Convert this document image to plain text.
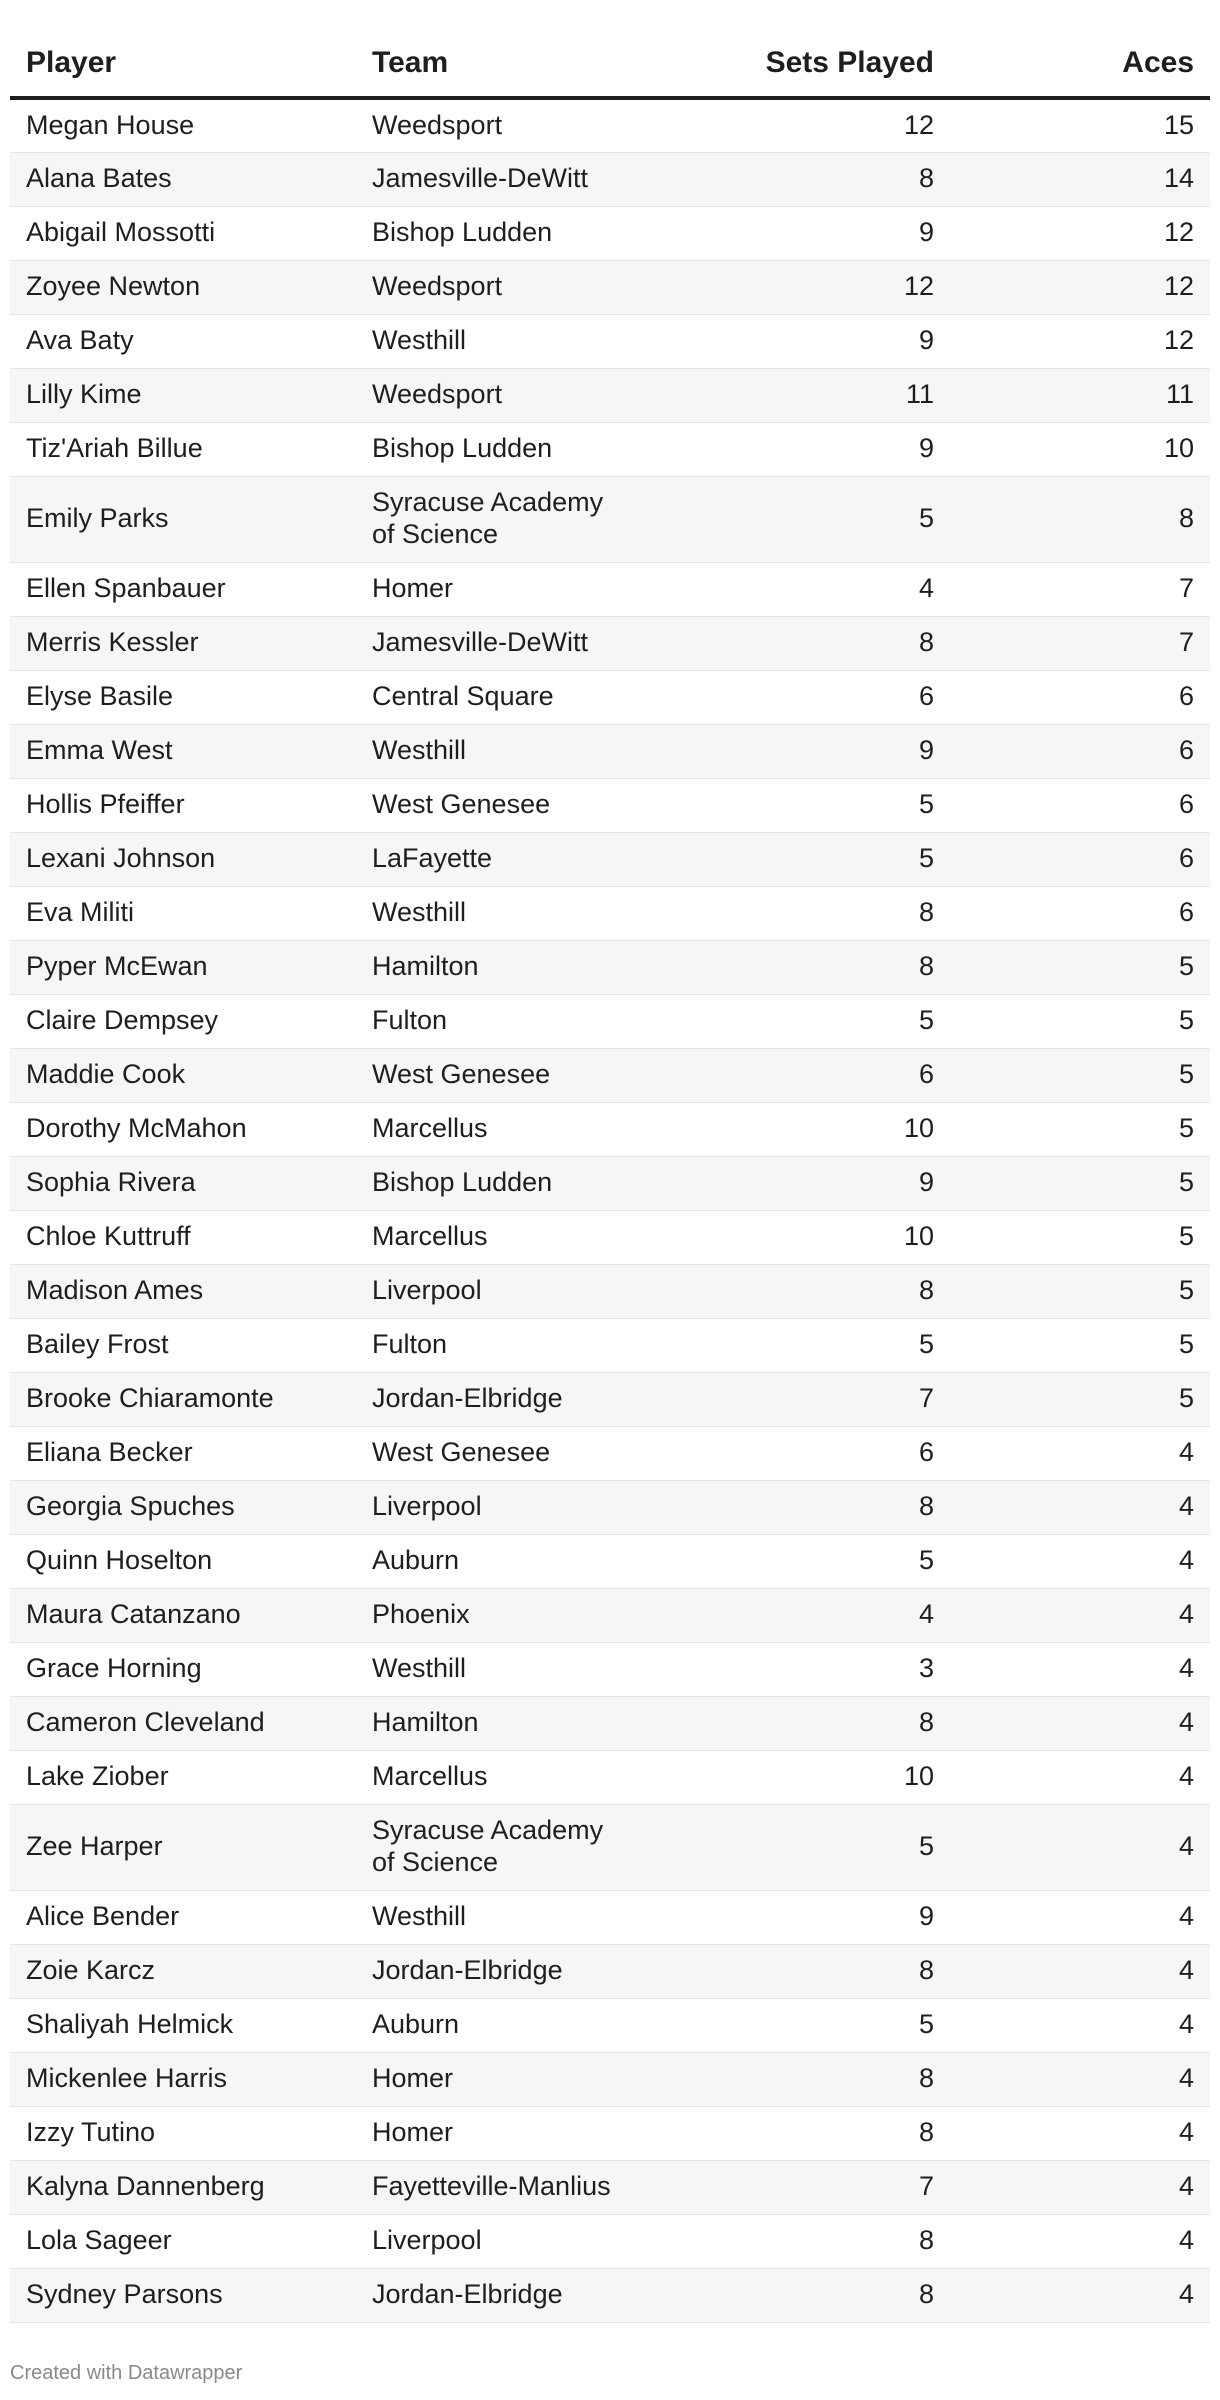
Player	Team	Sets Played	Aces
Megan House	Weedsport	12	15
Alana Bates	Jamesville-DeWitt	8	14
Abigail Mossotti	Bishop Ludden	9	12
Zoyee Newton	Weedsport	12	12
Ava Baty	Westhill	9	12
Lilly Kime	Weedsport	11	11
Tiz'Ariah Billue	Bishop Ludden	9	10
Emily Parks	Syracuse Academy of Science	5	8
Ellen Spanbauer	Homer	4	7
Merris Kessler	Jamesville-DeWitt	8	7
Elyse Basile	Central Square	6	6
Emma West	Westhill	9	6
Hollis Pfeiffer	West Genesee	5	6
Lexani Johnson	LaFayette	5	6
Eva Militi	Westhill	8	6
Pyper McEwan	Hamilton	8	5
Claire Dempsey	Fulton	5	5
Maddie Cook	West Genesee	6	5
Dorothy McMahon	Marcellus	10	5
Sophia Rivera	Bishop Ludden	9	5
Chloe Kuttruff	Marcellus	10	5
Madison Ames	Liverpool	8	5
Bailey Frost	Fulton	5	5
Brooke Chiaramonte	Jordan-Elbridge	7	5
Eliana Becker	West Genesee	6	4
Georgia Spuches	Liverpool	8	4
Quinn Hoselton	Auburn	5	4
Maura Catanzano	Phoenix	4	4
Grace Horning	Westhill	3	4
Cameron Cleveland	Hamilton	8	4
Lake Ziober	Marcellus	10	4
Zee Harper	Syracuse Academy of Science	5	4
Alice Bender	Westhill	9	4
Zoie Karcz	Jordan-Elbridge	8	4
Shaliyah Helmick	Auburn	5	4
Mickenlee Harris	Homer	8	4
Izzy Tutino	Homer	8	4
Kalyna Dannenberg	Fayetteville-Manlius	7	4
Lola Sageer	Liverpool	8	4
Sydney Parsons	Jordan-Elbridge	8	4
Created with Datawrapper
